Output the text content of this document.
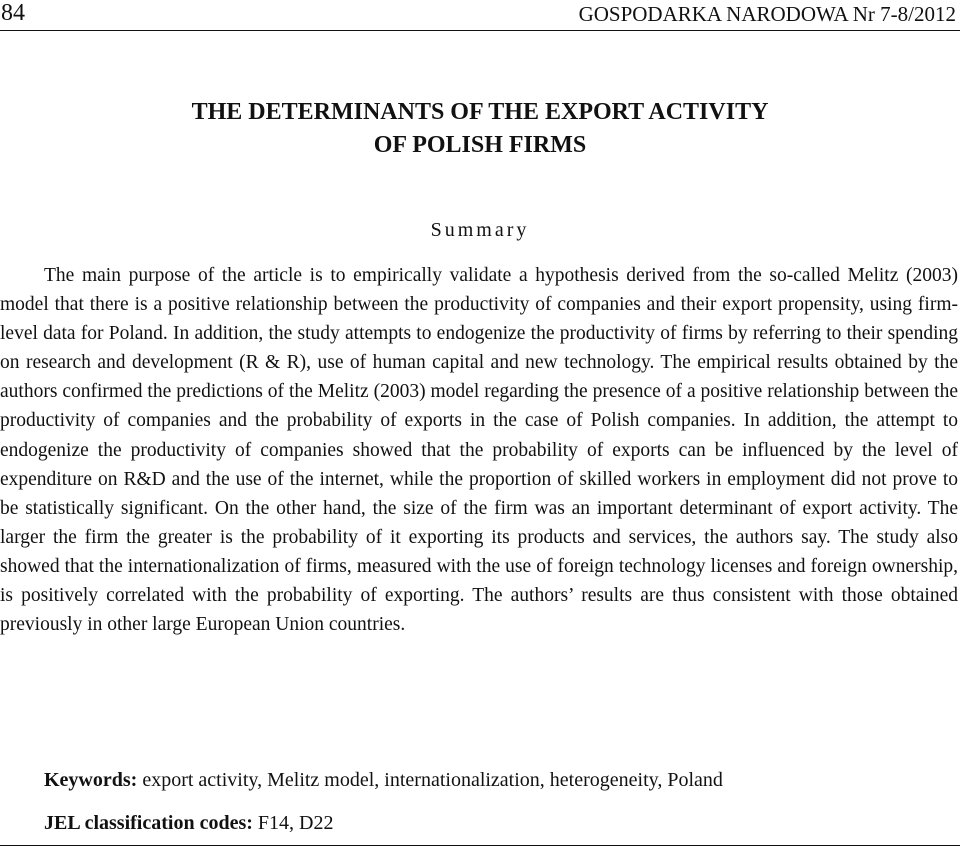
84	GOSPODARKA NARODOWA Nr 7-8/2012
THE DETERMINANTS OF THE EXPORT ACTIVITY
OF POLISH FIRMS
Summary

The main purpose of the article is to empirically validate a hypothesis derived from the so-called Melitz (2003) model that there is a positive relationship between the productivity of companies and their export propensity, using firm-level data for Poland. In addition, the study attempts to endogenize the productivity of firms by referring to their spending on research and development (R & R), use of human capital and new technology. The empirical results obtained by the authors confirmed the predictions of the Melitz (2003) model regarding the presence of a positive relationship between the productivity of companies and the probability of exports in the case of Polish companies. In addition, the attempt to endogenize the productivity of companies showed that the probability of exports can be influenced by the level of expenditure on R&D and the use of the internet, while the proportion of skilled workers in employment did not prove to be statistically significant. On the other hand, the size of the firm was an important determinant of export activity. The larger the firm the greater is the probability of it exporting its products and services, the authors say. The study also showed that the internationalization of firms, measured with the use of foreign technology licenses and foreign ownership, is positively correlated with the probability of exporting. The authors’ results are thus consistent with those obtained previously in other large European Union countries.

Keywords: export activity, Melitz model, internationalization, heterogeneity, Poland
JEL classification codes: F14, D22
